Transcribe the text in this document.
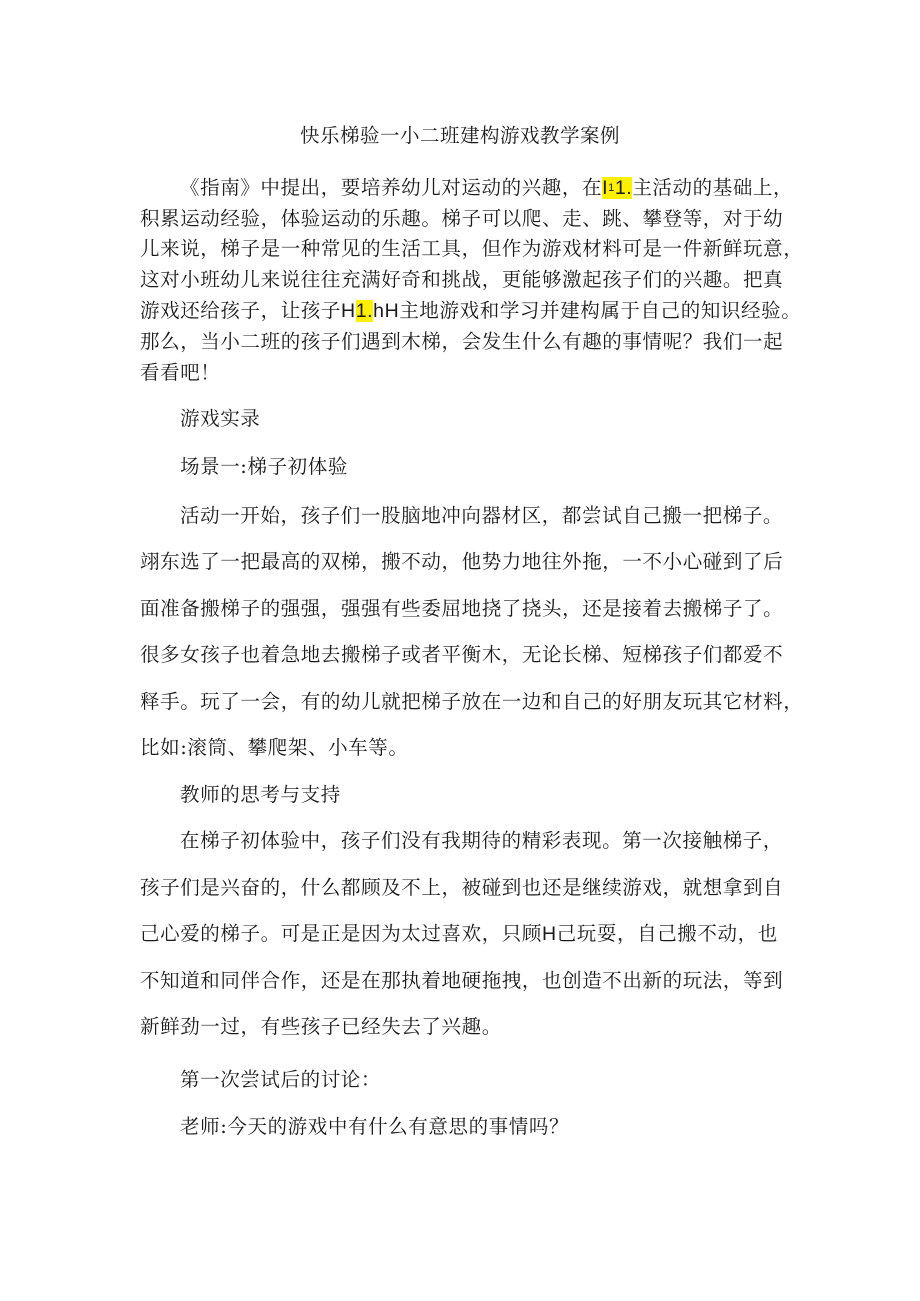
快乐梯验一小二班建构游戏教学案例
《指南》中提出，要培养幼儿对运动的兴趣，在$I^11$.主活动的基础上，
积累运动经验，体验运动的乐趣。梯子可以爬、走、跳、攀登等，对于幼
儿来说，梯子是一种常见的生活工具，但作为游戏材料可是一件新鲜玩意，
这对小班幼儿来说往往充满好奇和挑战，更能够激起孩子们的兴趣。把真
游戏还给孩子，让孩子H1.hH主地游戏和学习并建构属于自己的知识经验。
那么，当小二班的孩子们遇到木梯，会发生什么有趣的事情呢？我们一起
看看吧！
游戏实录
场景一:梯子初体验
活动一开始，孩子们一股脑地冲向器材区，都尝试自己搬一把梯子。
翊东选了一把最高的双梯，搬不动，他势力地往外拖，一不小心碰到了后
面准备搬梯子的强强，强强有些委屈地挠了挠头，还是接着去搬梯子了。
很多女孩子也着急地去搬梯子或者平衡木，无论长梯、短梯孩子们都爱不
释手。玩了一会，有的幼儿就把梯子放在一边和自己的好朋友玩其它材料，
比如:滚筒、攀爬架、小车等。
教师的思考与支持
在梯子初体验中，孩子们没有我期待的精彩表现。第一次接触梯子，
孩子们是兴奋的，什么都顾及不上，被碰到也还是继续游戏，就想拿到自
己心爱的梯子。可是正是因为太过喜欢，只顾H己玩耍，自己搬不动，也
不知道和同伴合作，还是在那执着地硬拖拽，也创造不出新的玩法，等到
新鲜劲一过，有些孩子已经失去了兴趣。
第一次尝试后的讨论：
老师:今天的游戏中有什么有意思的事情吗？
